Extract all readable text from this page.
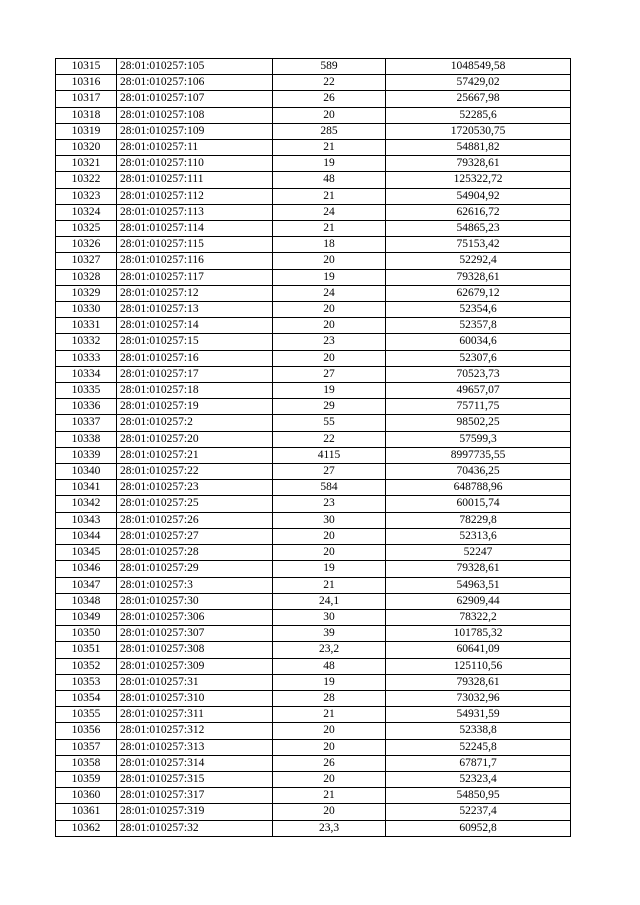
10315	28:01:010257:105	589	1048549,58
10316	28:01:010257:106	22	57429,02
10317	28:01:010257:107	26	25667,98
10318	28:01:010257:108	20	52285,6
10319	28:01:010257:109	285	1720530,75
10320	28:01:010257:11	21	54881,82
10321	28:01:010257:110	19	79328,61
10322	28:01:010257:111	48	125322,72
10323	28:01:010257:112	21	54904,92
10324	28:01:010257:113	24	62616,72
10325	28:01:010257:114	21	54865,23
10326	28:01:010257:115	18	75153,42
10327	28:01:010257:116	20	52292,4
10328	28:01:010257:117	19	79328,61
10329	28:01:010257:12	24	62679,12
10330	28:01:010257:13	20	52354,6
10331	28:01:010257:14	20	52357,8
10332	28:01:010257:15	23	60034,6
10333	28:01:010257:16	20	52307,6
10334	28:01:010257:17	27	70523,73
10335	28:01:010257:18	19	49657,07
10336	28:01:010257:19	29	75711,75
10337	28:01:010257:2	55	98502,25
10338	28:01:010257:20	22	57599,3
10339	28:01:010257:21	4115	8997735,55
10340	28:01:010257:22	27	70436,25
10341	28:01:010257:23	584	648788,96
10342	28:01:010257:25	23	60015,74
10343	28:01:010257:26	30	78229,8
10344	28:01:010257:27	20	52313,6
10345	28:01:010257:28	20	52247
10346	28:01:010257:29	19	79328,61
10347	28:01:010257:3	21	54963,51
10348	28:01:010257:30	24,1	62909,44
10349	28:01:010257:306	30	78322,2
10350	28:01:010257:307	39	101785,32
10351	28:01:010257:308	23,2	60641,09
10352	28:01:010257:309	48	125110,56
10353	28:01:010257:31	19	79328,61
10354	28:01:010257:310	28	73032,96
10355	28:01:010257:311	21	54931,59
10356	28:01:010257:312	20	52338,8
10357	28:01:010257:313	20	52245,8
10358	28:01:010257:314	26	67871,7
10359	28:01:010257:315	20	52323,4
10360	28:01:010257:317	21	54850,95
10361	28:01:010257:319	20	52237,4
10362	28:01:010257:32	23,3	60952,8
